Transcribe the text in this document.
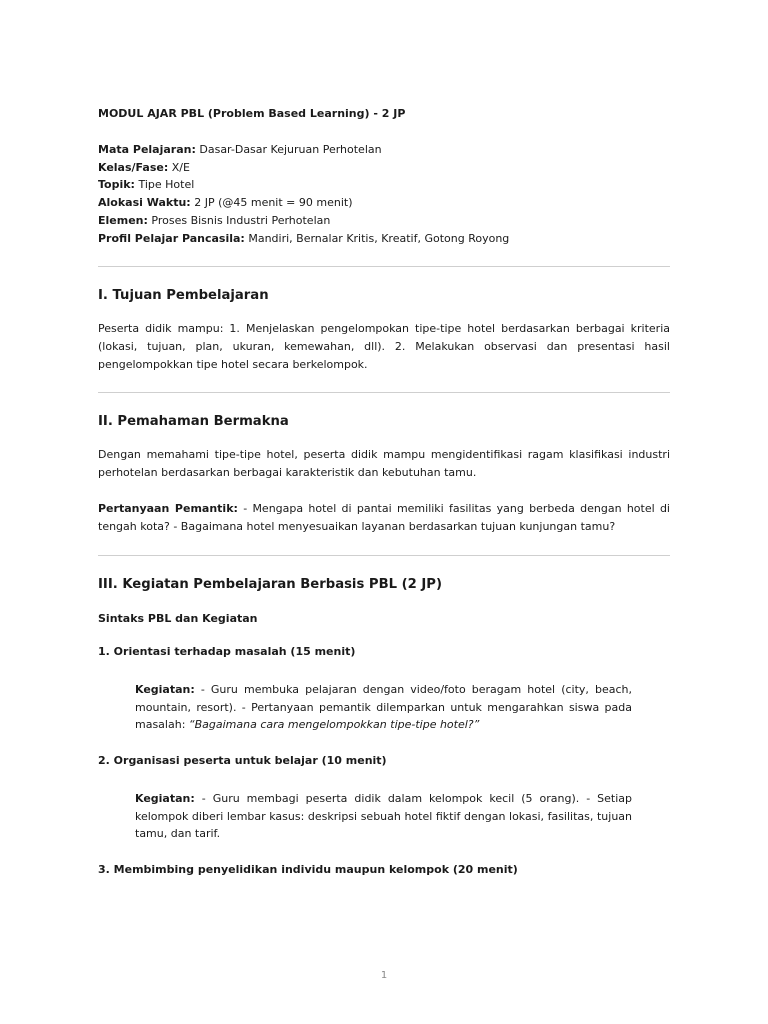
MODUL AJAR PBL (Problem Based Learning) - 2 JP

Mata Pelajaran: Dasar-Dasar Kejuruan Perhotelan
Kelas/Fase: X/E
Topik: Tipe Hotel
Alokasi Waktu: 2 JP (@45 menit = 90 menit)
Elemen: Proses Bisnis Industri Perhotelan
Profil Pelajar Pancasila: Mandiri, Bernalar Kritis, Kreatif, Gotong Royong
I. Tujuan Pembelajaran

Peserta didik mampu: 1. Menjelaskan pengelompokan tipe-tipe hotel berdasarkan berbagai kriteria (lokasi, tujuan, plan, ukuran, kemewahan, dll). 2. Melakukan observasi dan presentasi hasil pengelompokkan tipe hotel secara berkelompok.

II. Pemahaman Bermakna

Dengan memahami tipe-tipe hotel, peserta didik mampu mengidentifikasi ragam klasifikasi industri perhotelan berdasarkan berbagai karakteristik dan kebutuhan tamu.

Pertanyaan Pemantik: - Mengapa hotel di pantai memiliki fasilitas yang berbeda dengan hotel di tengah kota? - Bagaimana hotel menyesuaikan layanan berdasarkan tujuan kunjungan tamu?

III. Kegiatan Pembelajaran Berbasis PBL (2 JP)

Sintaks PBL dan Kegiatan

1. Orientasi terhadap masalah (15 menit)

Kegiatan: - Guru membuka pelajaran dengan video/foto beragam hotel (city, beach, mountain, resort). - Pertanyaan pemantik dilemparkan untuk mengarahkan siswa pada masalah: “Bagaimana cara mengelompokkan tipe-tipe hotel?”

2. Organisasi peserta untuk belajar (10 menit)

Kegiatan: - Guru membagi peserta didik dalam kelompok kecil (5 orang). - Setiap kelompok diberi lembar kasus: deskripsi sebuah hotel fiktif dengan lokasi, fasilitas, tujuan tamu, dan tarif.

3. Membimbing penyelidikan individu maupun kelompok (20 menit)

1
